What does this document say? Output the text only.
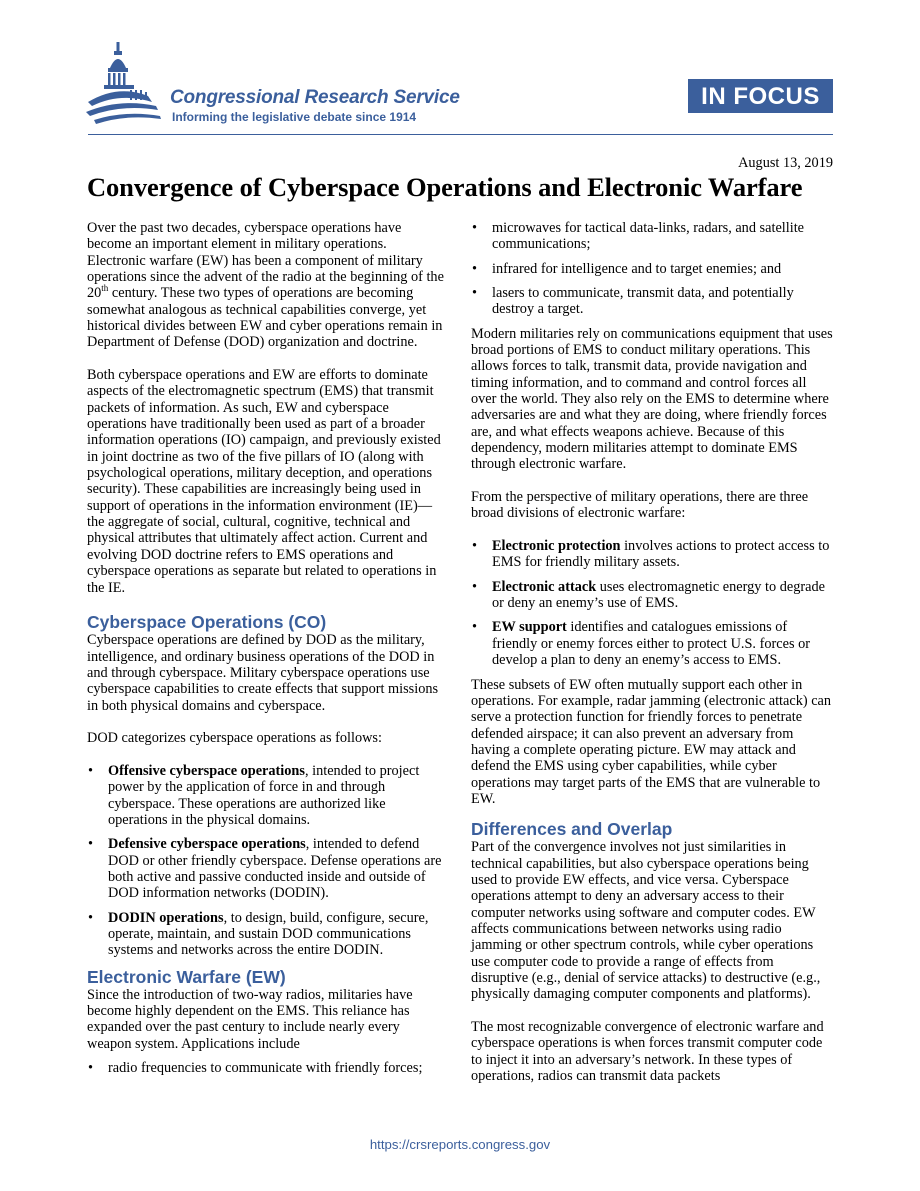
Congressional Research Service
Informing the legislative debate since 1914
IN FOCUS
August 13, 2019
Convergence of Cyberspace Operations and Electronic Warfare

Over the past two decades, cyberspace operations have become an important element in military operations. Electronic warfare (EW) has been a component of military operations since the advent of the radio at the beginning of the 20th century. These two types of operations are becoming somewhat analogous as technical capabilities converge, yet historical divides between EW and cyber operations remain in Department of Defense (DOD) organization and doctrine.

Both cyberspace operations and EW are efforts to dominate aspects of the electromagnetic spectrum (EMS) that transmit packets of information. As such, EW and cyberspace operations have traditionally been used as part of a broader information operations (IO) campaign, and previously existed in joint doctrine as two of the five pillars of IO (along with psychological operations, military deception, and operations security). These capabilities are increasingly being used in support of operations in the information environment (IE)—the aggregate of social, cultural, cognitive, technical and physical attributes that ultimately affect action. Current and evolving DOD doctrine refers to EMS operations and cyberspace operations as separate but related to operations in the IE.

Cyberspace Operations (CO)

Cyberspace operations are defined by DOD as the military, intelligence, and ordinary business operations of the DOD in and through cyberspace. Military cyberspace operations use cyberspace capabilities to create effects that support missions in both physical domains and cyberspace.

DOD categorizes cyberspace operations as follows:

• Offensive cyberspace operations, intended to project power by the application of force in and through cyberspace. These operations are authorized like operations in the physical domains.
• Defensive cyberspace operations, intended to defend DOD or other friendly cyberspace. Defense operations are both active and passive conducted inside and outside of DOD information networks (DODIN).
• DODIN operations, to design, build, configure, secure, operate, maintain, and sustain DOD communications systems and networks across the entire DODIN.
Electronic Warfare (EW)

Since the introduction of two-way radios, militaries have become highly dependent on the EMS. This reliance has expanded over the past century to include nearly every weapon system. Applications include

• radio frequencies to communicate with friendly forces;
• microwaves for tactical data-links, radars, and satellite communications;
• infrared for intelligence and to target enemies; and
• lasers to communicate, transmit data, and potentially destroy a target.

Modern militaries rely on communications equipment that uses broad portions of EMS to conduct military operations. This allows forces to talk, transmit data, provide navigation and timing information, and to command and control forces all over the world. They also rely on the EMS to determine where adversaries are and what they are doing, where friendly forces are, and what effects weapons achieve. Because of this dependency, modern militaries attempt to dominate EMS through electronic warfare.

From the perspective of military operations, there are three broad divisions of electronic warfare:

• Electronic protection involves actions to protect access to EMS for friendly military assets.
• Electronic attack uses electromagnetic energy to degrade or deny an enemy’s use of EMS.
• EW support identifies and catalogues emissions of friendly or enemy forces either to protect U.S. forces or develop a plan to deny an enemy’s access to EMS.

These subsets of EW often mutually support each other in operations. For example, radar jamming (electronic attack) can serve a protection function for friendly forces to penetrate defended airspace; it can also prevent an adversary from having a complete operating picture. EW may attack and defend the EMS using cyber capabilities, while cyber operations may target parts of the EMS that are vulnerable to EW.

Differences and Overlap

Part of the convergence involves not just similarities in technical capabilities, but also cyberspace operations being used to provide EW effects, and vice versa. Cyberspace operations attempt to deny an adversary access to their computer networks using software and computer codes. EW affects communications between networks using radio jamming or other spectrum controls, while cyber operations use computer code to provide a range of effects from disruptive (e.g., denial of service attacks) to destructive (e.g., physically damaging computer components and platforms).

The most recognizable convergence of electronic warfare and cyberspace operations is when forces transmit computer code to inject it into an adversary’s network. In these types of operations, radios can transmit data packets

https://crsreports.congress.gov
